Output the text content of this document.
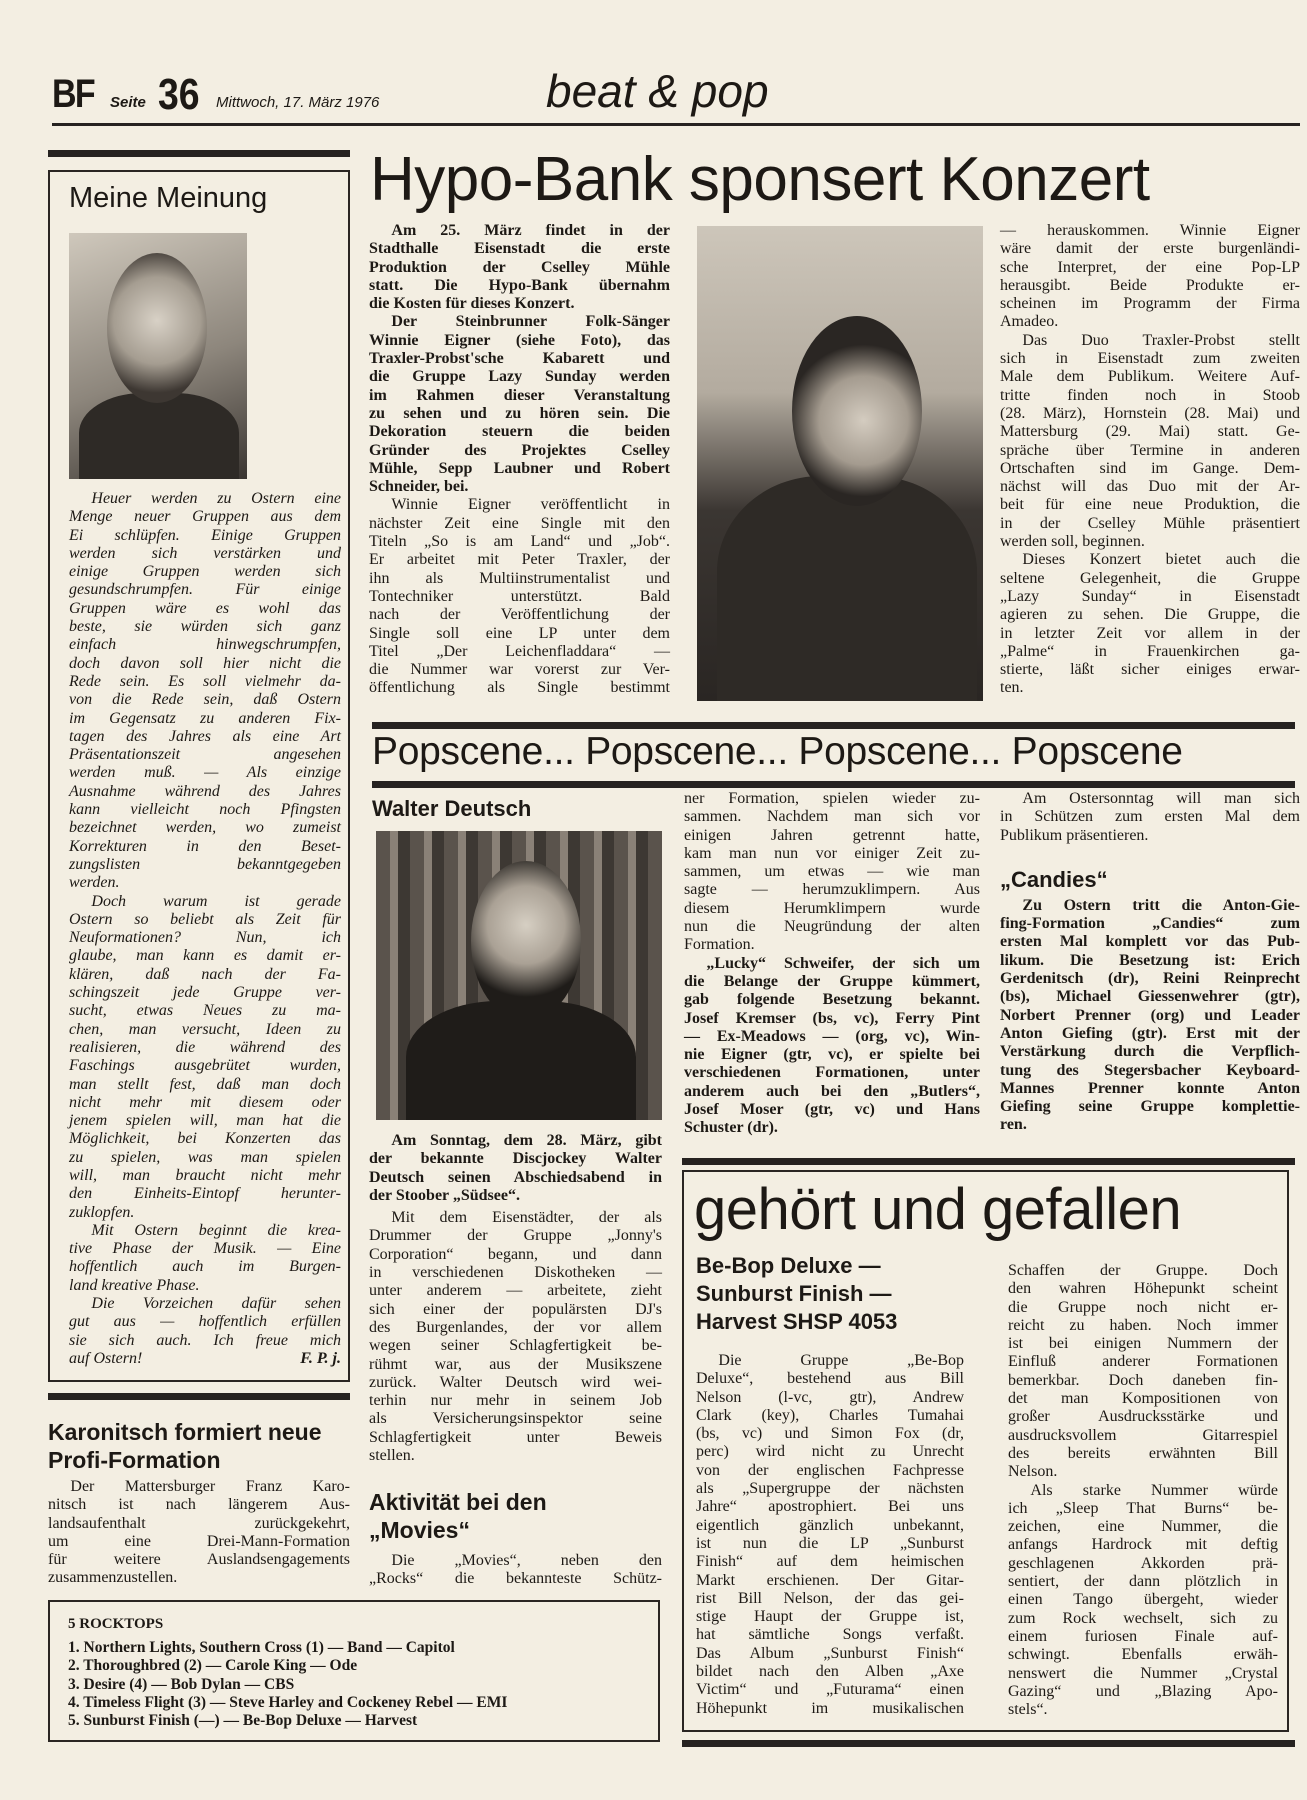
BF Seite 36 Mittwoch, 17. März 1976	beat & pop
Meine Meinung
Heuer werden zu Ostern eine
Menge neuer Gruppen aus dem
Ei schlüpfen. Einige Gruppen
werden sich verstärken und
einige Gruppen werden sich
gesundschrumpfen. Für einige
Gruppen wäre es wohl das
beste, sie würden sich ganz
einfach hinwegschrumpfen,
doch davon soll hier nicht die
Rede sein. Es soll vielmehr da-
von die Rede sein, daß Ostern
im Gegensatz zu anderen Fix-
tagen des Jahres als eine Art
Präsentationszeit angesehen
werden muß. — Als einzige
Ausnahme während des Jahres
kann vielleicht noch Pfingsten
bezeichnet werden, wo zumeist
Korrekturen in den Beset-
zungslisten bekanntgegeben
werden.
Doch warum ist gerade
Ostern so beliebt als Zeit für
Neuformationen? Nun, ich
glaube, man kann es damit er-
klären, daß nach der Fa-
schingszeit jede Gruppe ver-
sucht, etwas Neues zu ma-
chen, man versucht, Ideen zu
realisieren, die während des
Faschings ausgebrütet wurden,
man stellt fest, daß man doch
nicht mehr mit diesem oder
jenem spielen will, man hat die
Möglichkeit, bei Konzerten das
zu spielen, was man spielen
will, man braucht nicht mehr
den Einheits-Eintopf herunter-
zuklopfen.
Mit Ostern beginnt die krea-
tive Phase der Musik. — Eine
hoffentlich auch im Burgen-
land kreative Phase.
Die Vorzeichen dafür sehen
gut aus — hoffentlich erfüllen
sie sich auch. Ich freue mich
auf Ostern!	F. P. j.
Karonitsch formiert neue
Profi-Formation
Der Mattersburger Franz Karo-
nitsch ist nach längerem Aus-
landsaufenthalt zurückgekehrt,
um eine Drei-Mann-Formation
für weitere Auslandsengagements
zusammenzustellen.
5 ROCKTOPS
1. Northern Lights, Southern Cross (1) — Band — Capitol
2. Thoroughbred (2) — Carole King — Ode
3. Desire (4) — Bob Dylan — CBS
4. Timeless Flight (3) — Steve Harley and Cockeney Rebel — EMI
5. Sunburst Finish (—) — Be-Bop Deluxe — Harvest
Hypo-Bank sponsert Konzert
Am 25. März findet in der
Stadthalle Eisenstadt die erste
Produktion der Cselley Mühle
statt. Die Hypo-Bank übernahm
die Kosten für dieses Konzert.
Der Steinbrunner Folk-Sänger
Winnie Eigner (siehe Foto), das
Traxler-Probst'sche Kabarett und
die Gruppe Lazy Sunday werden
im Rahmen dieser Veranstaltung
zu sehen und zu hören sein. Die
Dekoration steuern die beiden
Gründer des Projektes Cselley
Mühle, Sepp Laubner und Robert
Schneider, bei.
Winnie Eigner veröffentlicht in
nächster Zeit eine Single mit den
Titeln „So is am Land“ und „Job“.
Er arbeitet mit Peter Traxler, der
ihn als Multiinstrumentalist und
Tontechniker unterstützt. Bald
nach der Veröffentlichung der
Single soll eine LP unter dem
Titel „Der Leichenfladdara“ —
die Nummer war vorerst zur Ver-
öffentlichung als Single bestimmt
— herauskommen. Winnie Eigner
wäre damit der erste burgenländi-
sche Interpret, der eine Pop-LP
herausgibt. Beide Produkte er-
scheinen im Programm der Firma
Amadeo.
Das Duo Traxler-Probst stellt
sich in Eisenstadt zum zweiten
Male dem Publikum. Weitere Auf-
tritte finden noch in Stoob
(28. März), Hornstein (28. Mai) und
Mattersburg (29. Mai) statt. Ge-
spräche über Termine in anderen
Ortschaften sind im Gange. Dem-
nächst will das Duo mit der Ar-
beit für eine neue Produktion, die
in der Cselley Mühle präsentiert
werden soll, beginnen.
Dieses Konzert bietet auch die
seltene Gelegenheit, die Gruppe
„Lazy Sunday“ in Eisenstadt
agieren zu sehen. Die Gruppe, die
in letzter Zeit vor allem in der
„Palme“ in Frauenkirchen ga-
stierte, läßt sicher einiges erwar-
ten.
Popscene... Popscene... Popscene... Popscene
Walter Deutsch
Am Sonntag, dem 28. März, gibt
der bekannte Discjockey Walter
Deutsch seinen Abschiedsabend in
der Stoober „Südsee“.
Mit dem Eisenstädter, der als
Drummer der Gruppe „Jonny's
Corporation“ begann, und dann
in verschiedenen Diskotheken —
unter anderem — arbeitete, zieht
sich einer der populärsten DJ's
des Burgenlandes, der vor allem
wegen seiner Schlagfertigkeit be-
rühmt war, aus der Musikszene
zurück. Walter Deutsch wird wei-
terhin nur mehr in seinem Job
als Versicherungsinspektor seine
Schlagfertigkeit unter Beweis
stellen.
Aktivität bei den
„Movies“
Die „Movies“, neben den
„Rocks“ die bekannteste Schütz-
ner Formation, spielen wieder zu-
sammen. Nachdem man sich vor
einigen Jahren getrennt hatte,
kam man nun vor einiger Zeit zu-
sammen, um etwas — wie man
sagte — herumzuklimpern. Aus
diesem Herumklimpern wurde
nun die Neugründung der alten
Formation.
„Lucky“ Schweifer, der sich um
die Belange der Gruppe kümmert,
gab folgende Besetzung bekannt.
Josef Kremser (bs, vc), Ferry Pint
— Ex-Meadows — (org, vc), Win-
nie Eigner (gtr, vc), er spielte bei
verschiedenen Formationen, unter
anderem auch bei den „Butlers“,
Josef Moser (gtr, vc) und Hans
Schuster (dr).
Am Ostersonntag will man sich
in Schützen zum ersten Mal dem
Publikum präsentieren.
„Candies“
Zu Ostern tritt die Anton-Gie-
fing-Formation „Candies“ zum
ersten Mal komplett vor das Pub-
likum. Die Besetzung ist: Erich
Gerdenitsch (dr), Reini Reinprecht
(bs), Michael Giessenwehrer (gtr),
Norbert Prenner (org) und Leader
Anton Giefing (gtr). Erst mit der
Verstärkung durch die Verpflich-
tung des Stegersbacher Keyboard-
Mannes Prenner konnte Anton
Giefing seine Gruppe komplettie-
ren.
gehört und gefallen
Be-Bop Deluxe —
Sunburst Finish —
Harvest SHSP 4053
Die Gruppe „Be-Bop
Deluxe“, bestehend aus Bill
Nelson (l-vc, gtr), Andrew
Clark (key), Charles Tumahai
(bs, vc) und Simon Fox (dr,
perc) wird nicht zu Unrecht
von der englischen Fachpresse
als „Supergruppe der nächsten
Jahre“ apostrophiert. Bei uns
eigentlich gänzlich unbekannt,
ist nun die LP „Sunburst
Finish“ auf dem heimischen
Markt erschienen. Der Gitar-
rist Bill Nelson, der das gei-
stige Haupt der Gruppe ist,
hat sämtliche Songs verfaßt.
Das Album „Sunburst Finish“
bildet nach den Alben „Axe
Victim“ und „Futurama“ einen
Höhepunkt im musikalischen
Schaffen der Gruppe. Doch
den wahren Höhepunkt scheint
die Gruppe noch nicht er-
reicht zu haben. Noch immer
ist bei einigen Nummern der
Einfluß anderer Formationen
bemerkbar. Doch daneben fin-
det man Kompositionen von
großer Ausdrucksstärke und
ausdrucksvollem Gitarrespiel
des bereits erwähnten Bill
Nelson.
Als starke Nummer würde
ich „Sleep That Burns“ be-
zeichen, eine Nummer, die
anfangs Hardrock mit deftig
geschlagenen Akkorden prä-
sentiert, der dann plötzlich in
einen Tango übergeht, wieder
zum Rock wechselt, sich zu
einem furiosen Finale auf-
schwingt. Ebenfalls erwäh-
nenswert die Nummer „Crystal
Gazing“ und „Blazing Apo-
stels“.
